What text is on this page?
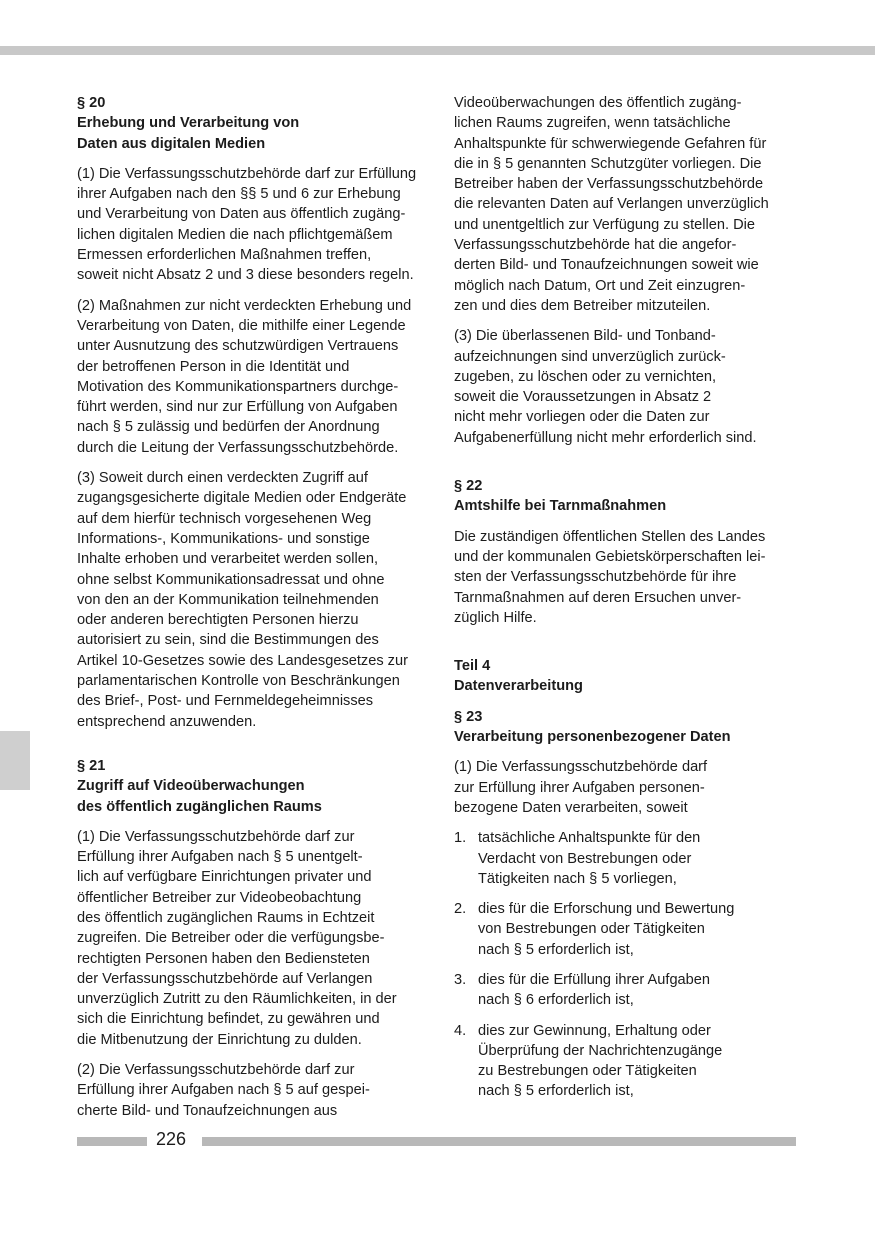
§ 20
Erhebung und Verarbeitung von
Daten aus digitalen Medien

(1) Die Verfassungsschutzbehörde darf zur Erfüllung
ihrer Aufgaben nach den §§ 5 und 6 zur Erhebung
und Verarbeitung von Daten aus öffentlich zugäng-
lichen digitalen Medien die nach pflichtgemäßem
Ermessen erforderlichen Maßnahmen treffen,
soweit nicht Absatz 2 und 3 diese besonders regeln.

(2) Maßnahmen zur nicht verdeckten Erhebung und
Verarbeitung von Daten, die mithilfe einer Legende
unter Ausnutzung des schutzwürdigen Vertrauens
der betroffenen Person in die Identität und
Motivation des Kommunikationspartners durchge-
führt werden, sind nur zur Erfüllung von Aufgaben
nach § 5 zulässig und bedürfen der Anordnung
durch die Leitung der Verfassungsschutzbehörde.

(3) Soweit durch einen verdeckten Zugriff auf
zugangsgesicherte digitale Medien oder Endgeräte
auf dem hierfür technisch vorgesehenen Weg
Informations-, Kommunikations- und sonstige
Inhalte erhoben und verarbeitet werden sollen,
ohne selbst Kommunikationsadressat und ohne
von den an der Kommunikation teilnehmenden
oder anderen berechtigten Personen hierzu
autorisiert zu sein, sind die Bestimmungen des
Artikel 10-Gesetzes sowie des Landesgesetzes zur
parlamentarischen Kontrolle von Beschränkungen
des Brief-, Post- und Fernmeldegeheimnisses
entsprechend anzuwenden.

§ 21
Zugriff auf Videoüberwachungen
des öffentlich zugänglichen Raums

(1) Die Verfassungsschutzbehörde darf zur
Erfüllung ihrer Aufgaben nach § 5 unentgelt-
lich auf verfügbare Einrichtungen privater und
öffentlicher Betreiber zur Videobeobachtung
des öffentlich zugänglichen Raums in Echtzeit
zugreifen. Die Betreiber oder die verfügungsbe-
rechtigten Personen haben den Bediensteten
der Verfassungsschutzbehörde auf Verlangen
unverzüglich Zutritt zu den Räumlichkeiten, in der
sich die Einrichtung befindet, zu gewähren und
die Mitbenutzung der Einrichtung zu dulden.

(2) Die Verfassungsschutzbehörde darf zur
Erfüllung ihrer Aufgaben nach § 5 auf gespei-
cherte Bild- und Tonaufzeichnungen aus

Videoüberwachungen des öffentlich zugäng-
lichen Raums zugreifen, wenn tatsächliche
Anhaltspunkte für schwerwiegende Gefahren für
die in § 5 genannten Schutzgüter vorliegen. Die
Betreiber haben der Verfassungsschutzbehörde
die relevanten Daten auf Verlangen unverzüglich
und unentgeltlich zur Verfügung zu stellen. Die
Verfassungsschutzbehörde hat die angefor-
derten Bild- und Tonaufzeichnungen soweit wie
möglich nach Datum, Ort und Zeit einzugren-
zen und dies dem Betreiber mitzuteilen.

(3) Die überlassenen Bild- und Tonband-
aufzeichnungen sind unverzüglich zurück-
zugeben, zu löschen oder zu vernichten,
soweit die Voraussetzungen in Absatz 2
nicht mehr vorliegen oder die Daten zur
Aufgabenerfüllung nicht mehr erforderlich sind.

§ 22
Amtshilfe bei Tarnmaßnahmen

Die zuständigen öffentlichen Stellen des Landes
und der kommunalen Gebietskörperschaften lei-
sten der Verfassungsschutzbehörde für ihre
Tarnmaßnahmen auf deren Ersuchen unver-
züglich Hilfe.

Teil 4
Datenverarbeitung
§ 23
Verarbeitung personenbezogener Daten

(1) Die Verfassungsschutzbehörde darf
zur Erfüllung ihrer Aufgaben personen-
bezogene Daten verarbeiten, soweit

1. tatsächliche Anhaltspunkte für den
Verdacht von Bestrebungen oder
Tätigkeiten nach § 5 vorliegen,
2. dies für die Erforschung und Bewertung
von Bestrebungen oder Tätigkeiten
nach § 5 erforderlich ist,
3. dies für die Erfüllung ihrer Aufgaben
nach § 6 erforderlich ist,
4. dies zur Gewinnung, Erhaltung oder
Überprüfung der Nachrichtenzugänge
zu Bestrebungen oder Tätigkeiten
nach § 5 erforderlich ist,
226
